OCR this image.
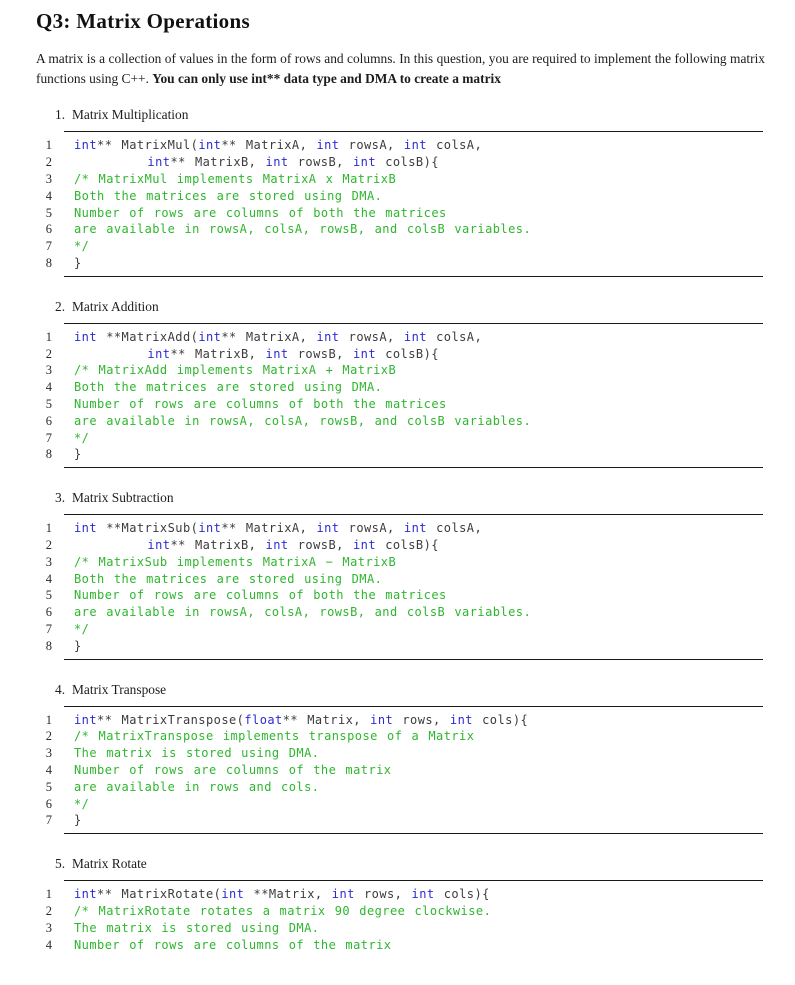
Q3: Matrix Operations

A matrix is a collection of values in the form of rows and columns. In this question, you are required to implement the following matrix functions using C++. You can only use int** data type and DMA to create a matrix

1. Matrix Multiplication
1 int** MatrixMul(int** MatrixA, int rowsA, int colsA,
2	int** MatrixB, int rowsB, int colsB){
3 /* MatrixMul implements MatrixA x MatrixB
4 Both the matrices are stored using DMA.
5 Number of rows are columns of both the matrices
6 are available in rowsA, colsA, rowsB, and colsB variables.
7 */
8 }
2. Matrix Addition
1 int **MatrixAdd(int** MatrixA, int rowsA, int colsA,
2	int** MatrixB, int rowsB, int colsB){
3 /* MatrixAdd implements MatrixA + MatrixB
4 Both the matrices are stored using DMA.
5 Number of rows are columns of both the matrices
6 are available in rowsA, colsA, rowsB, and colsB variables.
7 */
8 }
3. Matrix Subtraction
1 int **MatrixSub(int** MatrixA, int rowsA, int colsA,
2	int** MatrixB, int rowsB, int colsB){
3 /* MatrixSub implements MatrixA − MatrixB
4 Both the matrices are stored using DMA.
5 Number of rows are columns of both the matrices
6 are available in rowsA, colsA, rowsB, and colsB variables.
7 */
8 }
4. Matrix Transpose
1 int** MatrixTranspose(float** Matrix, int rows, int cols){
2 /* MatrixTranspose implements transpose of a Matrix
3 The matrix is stored using DMA.
4 Number of rows are columns of the matrix
5 are available in rows and cols.
6 */
7 }
5. Matrix Rotate
1 int** MatrixRotate(int **Matrix, int rows, int cols){
2 /* MatrixRotate rotates a matrix 90 degree clockwise.
3 The matrix is stored using DMA.
4 Number of rows are columns of the matrix
